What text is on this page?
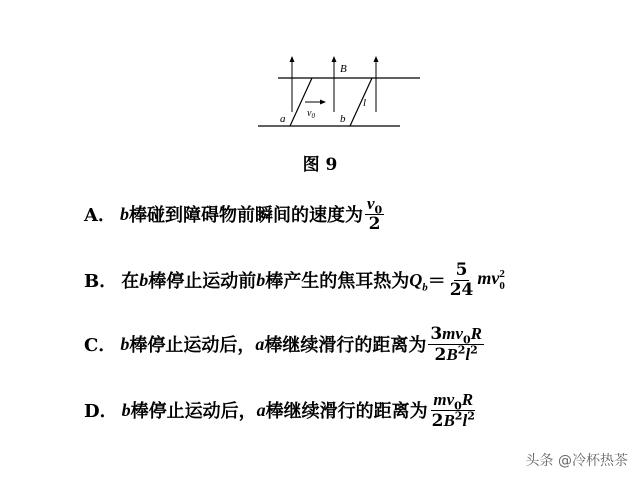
B
$v_0$
l
a	b
图 9
A． b 棒碰到障碍物前瞬间的速度为 $\frac{v_0}{2}$
B． 在 b 棒停止运动前 b 棒产生的焦耳热为 $Q_b = \frac{5}{24}$ mv 2
0
C． b 棒停止运动后， a 棒继续滑行的距离为 $\frac{3mv_0R}{2B^2l^2}$
D． b 棒停止运动后， a 棒继续滑行的距离为 $\frac{mv_0R}{2B^2l^2}$
头条 @冷杯热茶
